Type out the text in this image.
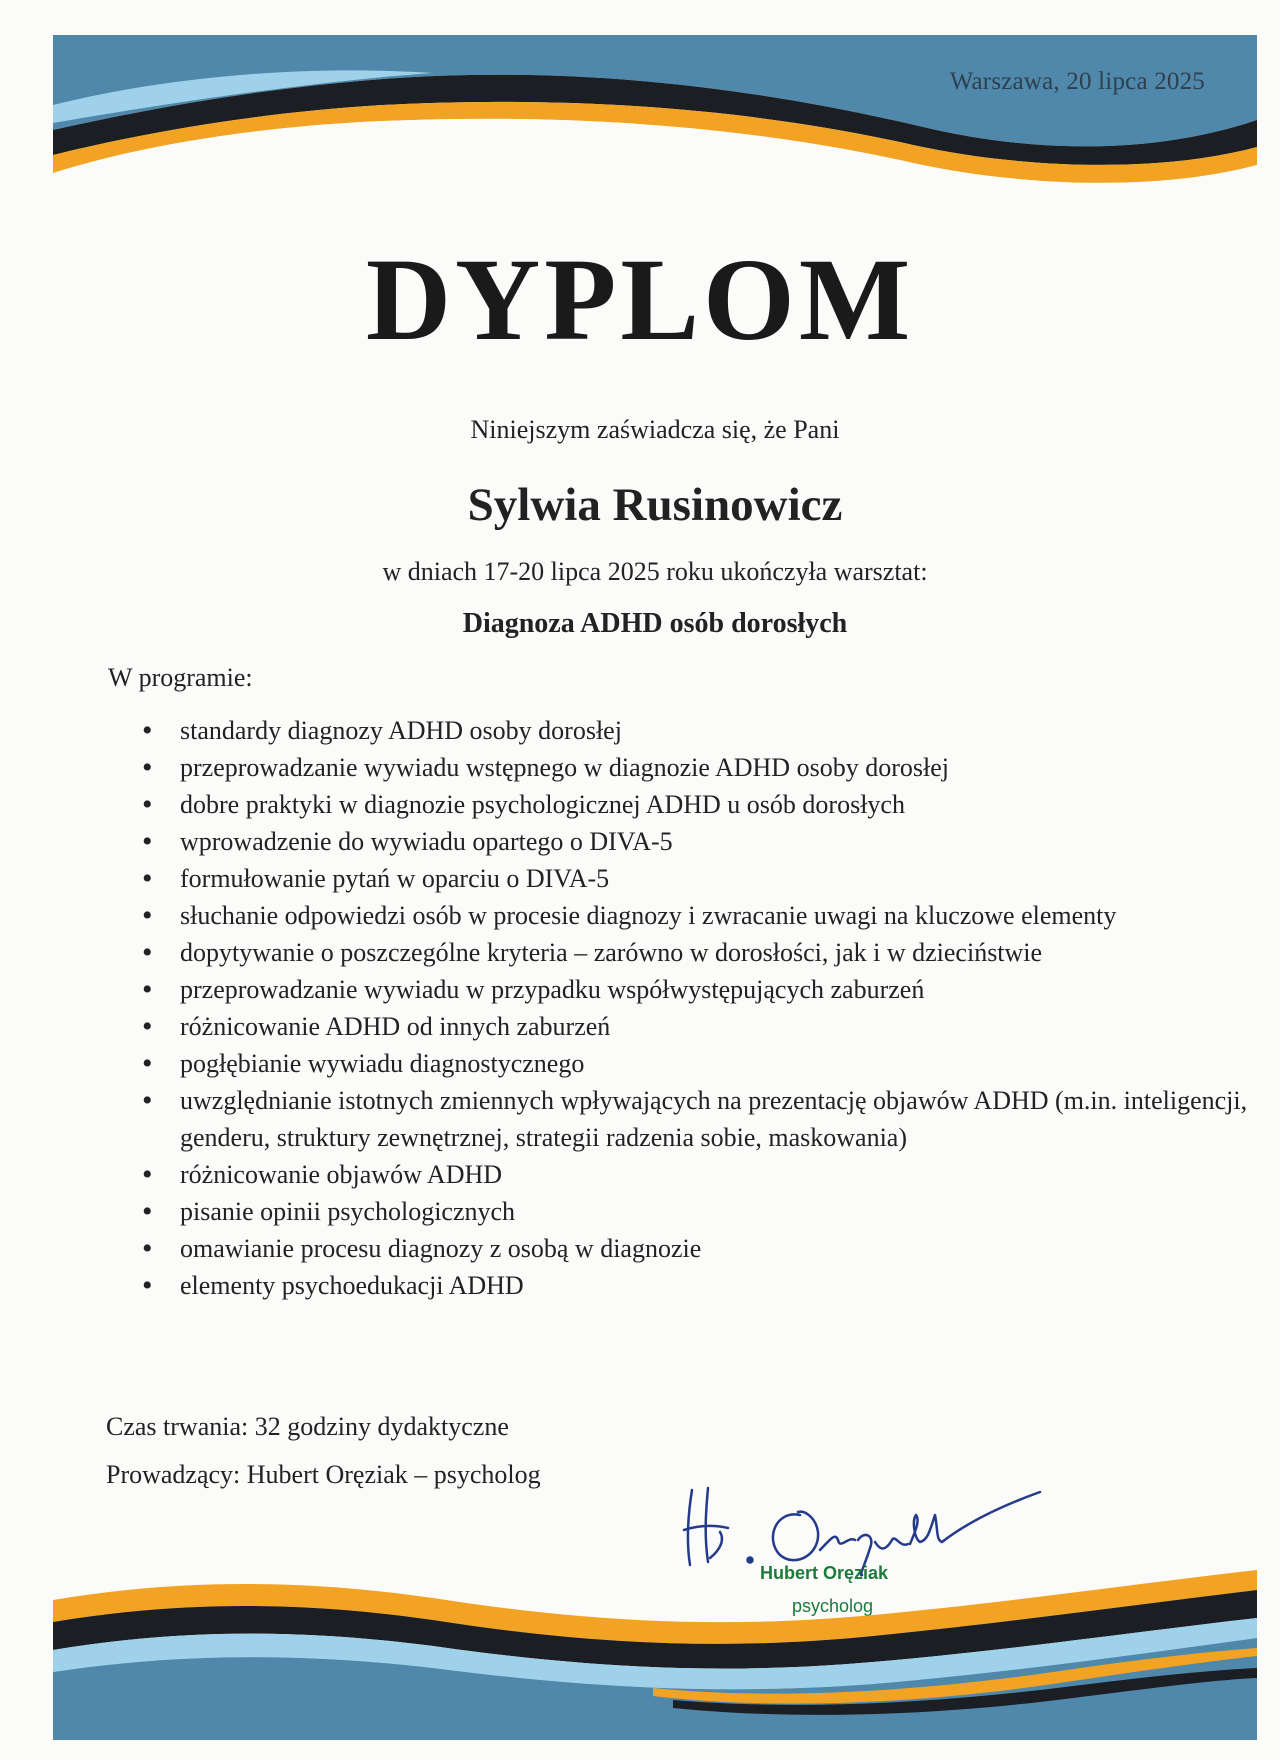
Warszawa, 20 lipca 2025
DYPLOM
Niniejszym zaświadcza się, że Pani
Sylwia Rusinowicz
w dniach 17-20 lipca 2025 roku ukończyła warsztat:
Diagnoza ADHD osób dorosłych
W programie:
• standardy diagnozy ADHD osoby dorosłej
• przeprowadzanie wywiadu wstępnego w diagnozie ADHD osoby dorosłej
• dobre praktyki w diagnozie psychologicznej ADHD u osób dorosłych
• wprowadzenie do wywiadu opartego o DIVA-5
• formułowanie pytań w oparciu o DIVA-5
• słuchanie odpowiedzi osób w procesie diagnozy i zwracanie uwagi na kluczowe elementy
• dopytywanie o poszczególne kryteria – zarówno w dorosłości, jak i w dzieciństwie
• przeprowadzanie wywiadu w przypadku współwystępujących zaburzeń
• różnicowanie ADHD od innych zaburzeń
• pogłębianie wywiadu diagnostycznego
• uwzględnianie istotnych zmiennych wpływających na prezentację objawów ADHD (m.in. inteligencji, genderu, struktury zewnętrznej, strategii radzenia sobie, maskowania)
• różnicowanie objawów ADHD
• pisanie opinii psychologicznych
• omawianie procesu diagnozy z osobą w diagnozie
• elementy psychoedukacji ADHD
Czas trwania: 32 godziny dydaktyczne
Prowadzący: Hubert Oręziak – psycholog
Hubert Oręziak
psycholog
